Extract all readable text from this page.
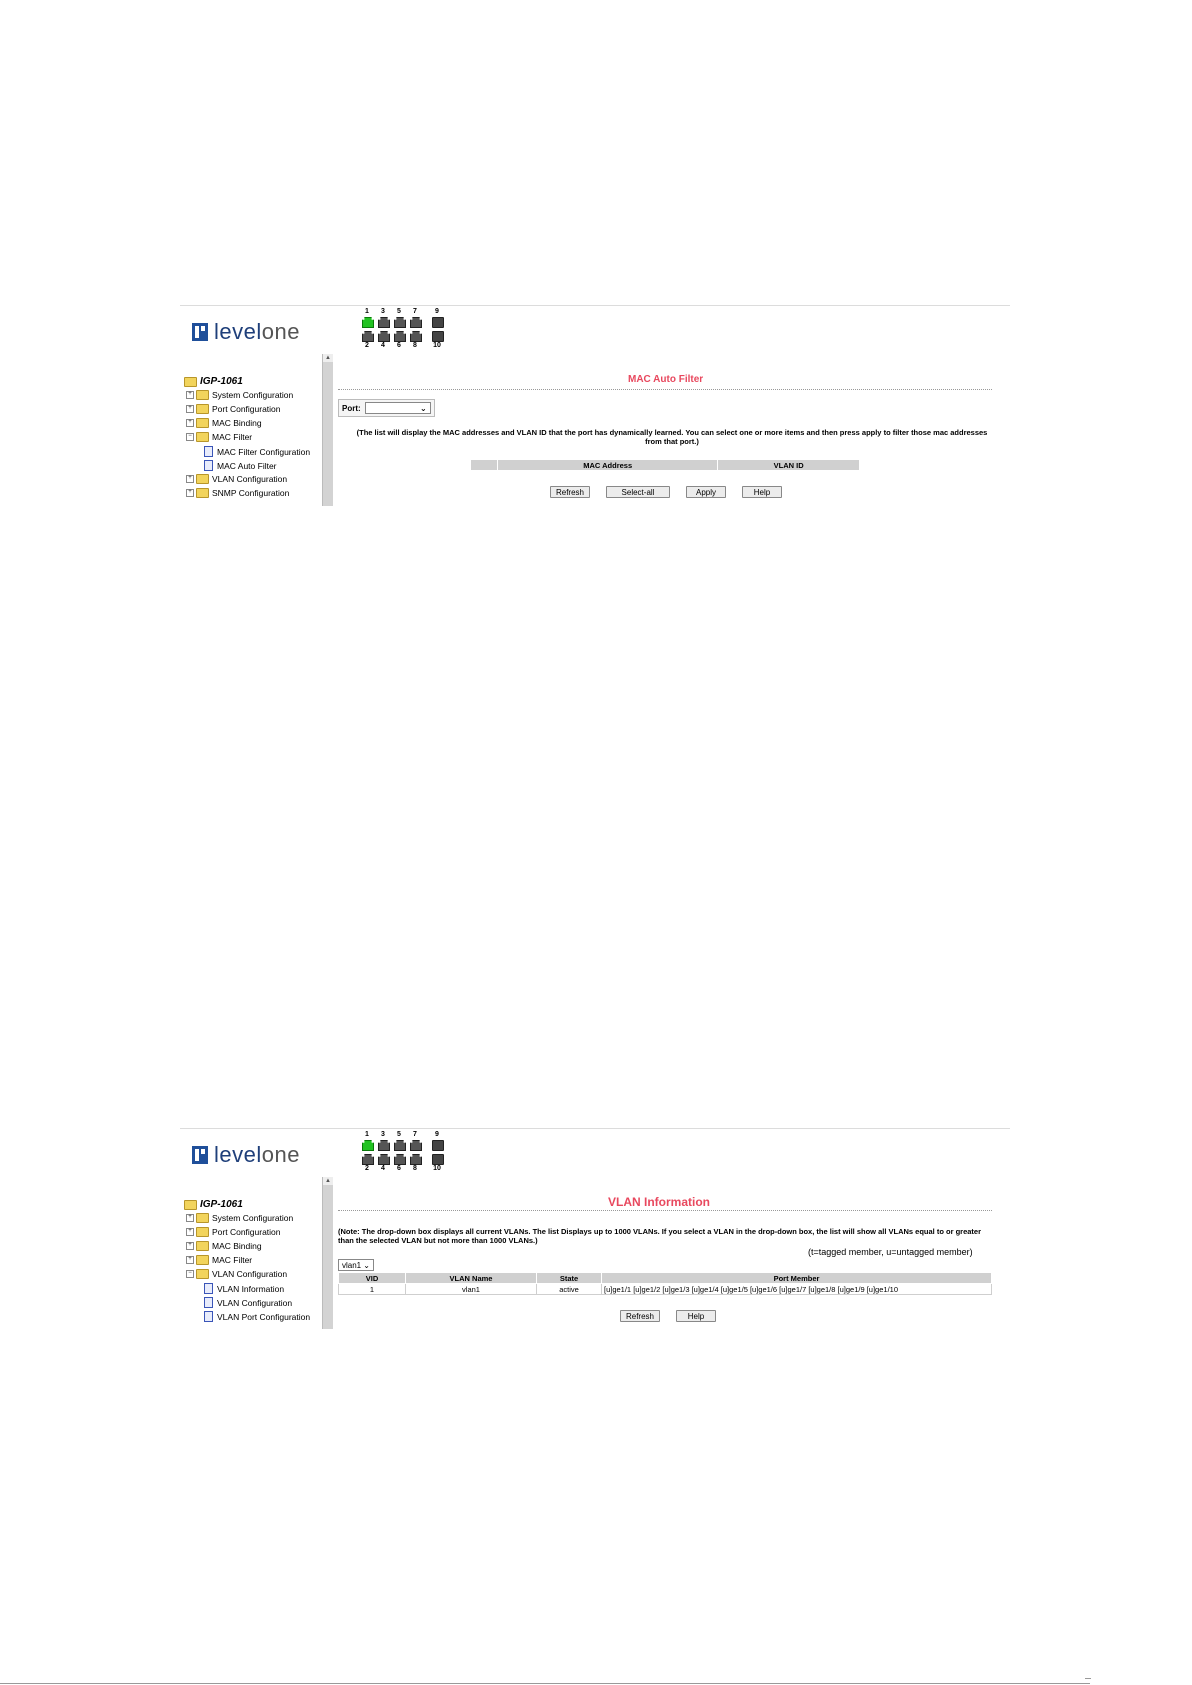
levelone
1	3	5	7	9
2	4	6	8	10
IGP-1061
+ System Configuration
+ Port Configuration
+ MAC Binding
− MAC Filter
MAC Filter Configuration
MAC Auto Filter
+ VLAN Configuration
+ SNMP Configuration
▲
MAC Auto Filter
Port:	⌄
(The list will display the MAC addresses and VLAN ID that the port has dynamically learned. You can select one or more items and then press apply to filter those mac addresses from that port.)
	MAC Address	VLAN ID
Refresh	Select-all	Apply	Help
levelone
1	3	5	7	9
2	4	6	8	10
IGP-1061
+ System Configuration
+ Port Configuration
+ MAC Binding
+ MAC Filter
− VLAN Configuration
VLAN Information
VLAN Configuration
VLAN Port Configuration
▲
VLAN Information
(Note: The drop-down box displays all current VLANs. The list Displays up to 1000 VLANs. If you select a VLAN in the drop-down box, the list will show all VLANs equal to or greater than the selected VLAN but not more than 1000 VLANs.)
(t=tagged member, u=untagged member)
vlan1 ⌄
VID	VLAN Name	State	Port Member
1	vlan1	active	[u]ge1/1 [u]ge1/2 [u]ge1/3 [u]ge1/4 [u]ge1/5 [u]ge1/6 [u]ge1/7 [u]ge1/8 [u]ge1/9 [u]ge1/10
Refresh	Help
